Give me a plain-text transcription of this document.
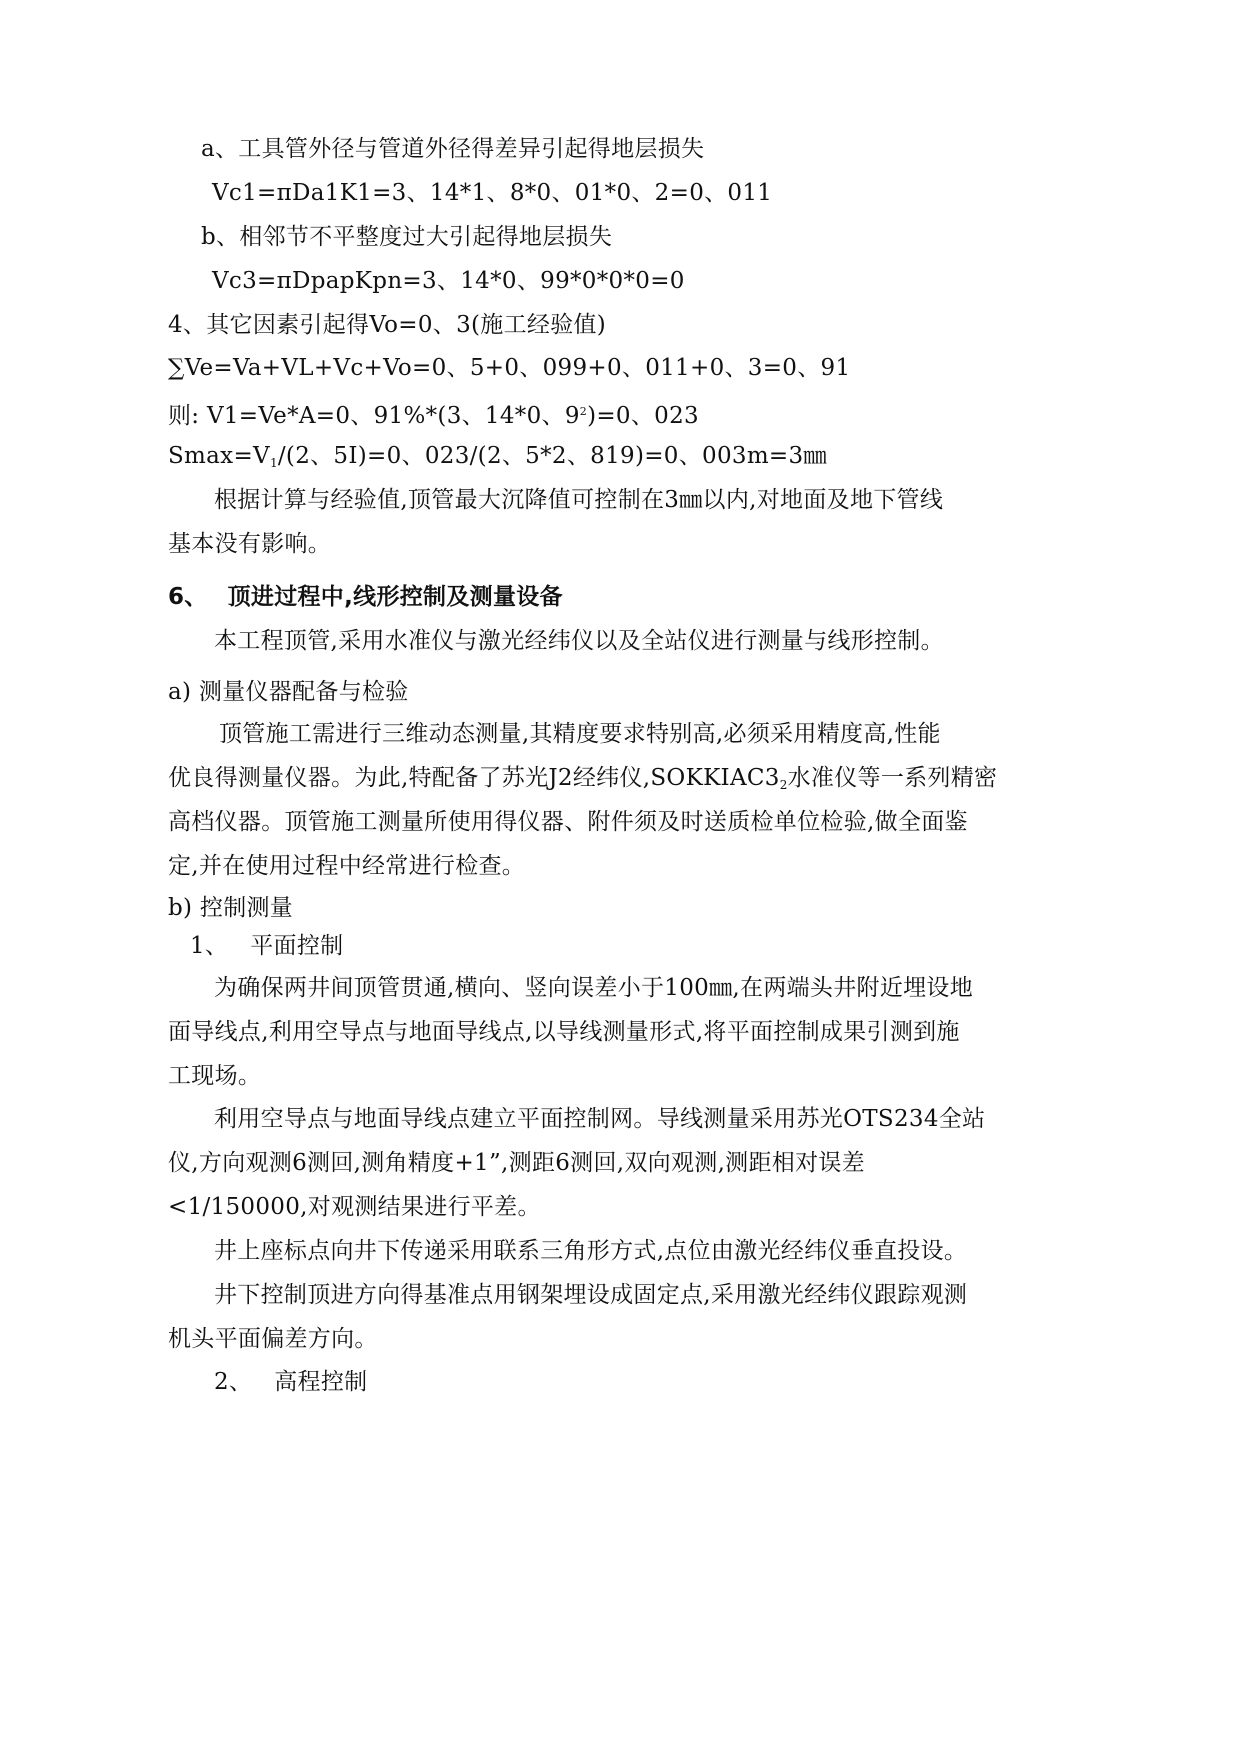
a、工具管外径与管道外径得差异引起得地层损失
Vc1=πDa1K1=3、14*1、8*0、01*0、2=0、011
b、相邻节不平整度过大引起得地层损失
Vc3=πDpapKpn=3、14*0、99*0*0*0=0
4、其它因素引起得Vo=0、3(施工经验值)
∑Ve=Va+VL+Vc+Vo=0、5+0、099+0、011+0、3=0、91
则: V1=Ve*A=0、91%*(3、14*0、$9^2)=0$、023
$Smax=V_1/(2$、5I)=0、023/(2、5*2、819)=0、003m=3㎜
根据计算与经验值,顶管最大沉降值可控制在3㎜以内,对地面及地下管线
基本没有影响。
6、 顶进过程中,线形控制及测量设备
本工程顶管,采用水准仪与激光经纬仪以及全站仪进行测量与线形控制。
a) 测量仪器配备与检验
顶管施工需进行三维动态测量,其精度要求特别高,必须采用精度高,性能
优良得测量仪器。为此,特配备了苏光J2经纬仪$,SOKKIAC3_2$水准仪等一系列精密
高档仪器。顶管施工测量所使用得仪器、附件须及时送质检单位检验,做全面鉴
定,并在使用过程中经常进行检查。
b) 控制测量
1、 平面控制
为确保两井间顶管贯通,横向、竖向误差小于100㎜,在两端头井附近埋设地
面导线点,利用空导点与地面导线点,以导线测量形式,将平面控制成果引测到施
工现场。
利用空导点与地面导线点建立平面控制网。导线测量采用苏光OTS234全站
仪,方向观测6测回,测角精度+1”,测距6测回,双向观测,测距相对误差
<1/150000,对观测结果进行平差。
井上座标点向井下传递采用联系三角形方式,点位由激光经纬仪垂直投设。
井下控制顶进方向得基准点用钢架埋设成固定点,采用激光经纬仪跟踪观测
机头平面偏差方向。
2、 高程控制
